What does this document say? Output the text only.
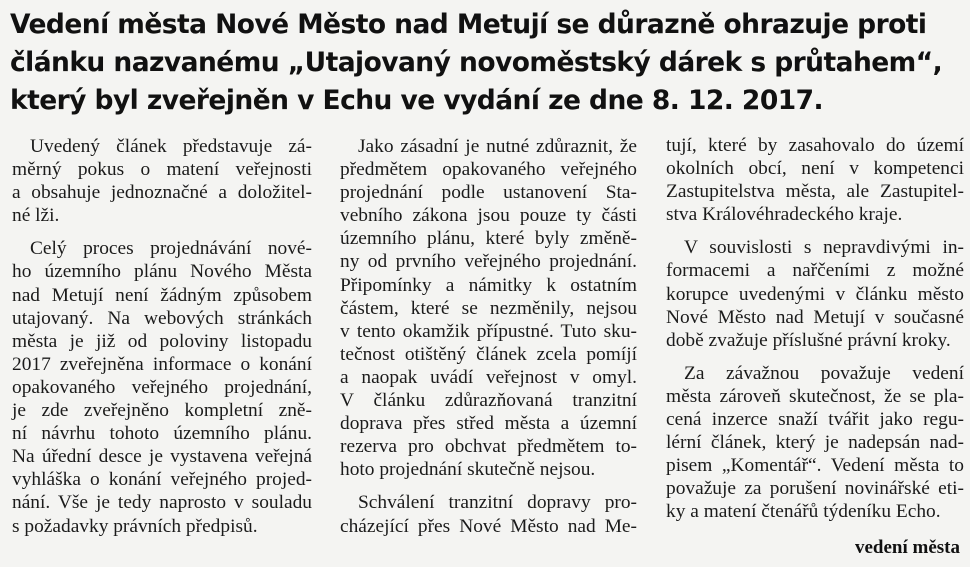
Vedení města Nové Město nad Metují se důrazně ohrazuje proti
článku nazvanému „Utajovaný novoměstský dárek s průtahem“,
který byl zveřejněn v Echu ve vydání ze dne 8. 12. 2017.

Uvedený článek představuje zá-
měrný pokus o matení veřejnosti
a obsahuje jednoznačné a doložitel-
né lži.

Celý proces projednávání nové-
ho územního plánu Nového Města
nad Metují není žádným způsobem
utajovaný. Na webových stránkách
města je již od poloviny listopadu
2017 zveřejněna informace o konání
opakovaného veřejného projednání,
je zde zveřejněno kompletní zně-
ní návrhu tohoto územního plánu.
Na úřední desce je vystavena veřejná
vyhláška o konání veřejného projed-
nání. Vše je tedy naprosto v souladu
s požadavky právních předpisů.

Jako zásadní je nutné zdůraznit, že
předmětem opakovaného veřejného
projednání podle ustanovení Sta-
vebního zákona jsou pouze ty části
územního plánu, které byly změně-
ny od prvního veřejného projednání.
Připomínky a námitky k ostatním
částem, které se nezměnily, nejsou
v tento okamžik přípustné. Tuto sku-
tečnost otištěný článek zcela pomíjí
a naopak uvádí veřejnost v omyl.
V článku zdůrazňovaná tranzitní
doprava přes střed města a územní
rezerva pro obchvat předmětem to-
hoto projednání skutečně nejsou.

Schválení tranzitní dopravy pro-
cházející přes Nové Město nad Me-

tují, které by zasahovalo do území
okolních obcí, není v kompetenci
Zastupitelstva města, ale Zastupitel-
stva Královéhradeckého kraje.

V souvislosti s nepravdivými in-
formacemi a nařčeními z možné
korupce uvedenými v článku město
Nové Město nad Metují v současné
době zvažuje příslušné právní kroky.

Za závažnou považuje vedení
města zároveň skutečnost, že se pla-
cená inzerce snaží tvářit jako regu-
lérní článek, který je nadepsán nad-
pisem „Komentář“. Vedení města to
považuje za porušení novinářské eti-
ky a matení čtenářů týdeníku Echo.

vedení města
